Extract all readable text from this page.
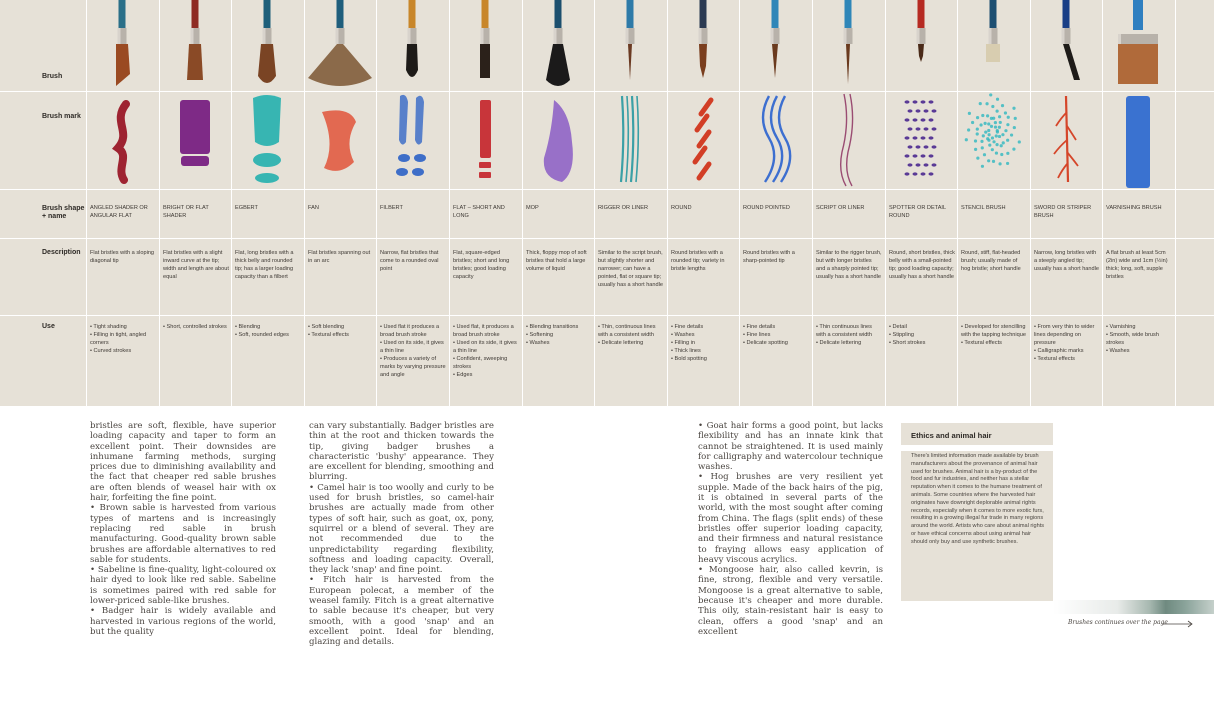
Brush
Brush mark
Brush shape + name
Description
Use
ANGLED SHADER OR ANGULAR FLAT
Flat bristles with a sloping diagonal tip
• Tight shading
• Filling in tight, angled corners
• Curved strokes
BRIGHT OR FLAT SHADER
Flat bristles with a slight inward curve at the tip; width and length are about equal
• Short, controlled strokes
EGBERT
Flat, long bristles with a thick belly and rounded tip; has a larger loading capacity than a filbert
• Blending
• Soft, rounded edges
FAN
Flat bristles spanning out in an arc
• Soft blending
• Textural effects
FILBERT
Narrow, flat bristles that come to a rounded oval point
• Used flat it produces a broad brush stroke
• Used on its side, it gives a thin line
• Produces a variety of marks by varying pressure and angle
FLAT – SHORT AND LONG
Flat, square-edged bristles; short and long bristles; good loading capacity
• Used flat, it produces a broad brush stroke
• Used on its side, it gives a thin line
• Confident, sweeping strokes
• Edges
MOP
Thick, floppy mop of soft bristles that hold a large volume of liquid
• Blending transitions
• Softening
• Washes
RIGGER OR LINER
Similar to the script brush, but slightly shorter and narrower; can have a pointed, flat or square tip; usually has a short handle
• Thin, continuous lines with a consistent width
• Delicate lettering
ROUND
Round bristles with a rounded tip; variety in bristle lengths
• Fine details
• Washes
• Filling in
• Thick lines
• Bold spotting
ROUND POINTED
Round bristles with a sharp-pointed tip
• Fine details
• Fine lines
• Delicate spotting
SCRIPT OR LINER
Similar to the rigger brush, but with longer bristles and a sharply pointed tip; usually has a short handle
• Thin continuous lines with a consistent width
• Delicate lettering
SPOTTER OR DETAIL ROUND
Round, short bristles, thick belly with a small-pointed tip; good loading capacity; usually has a short handle
• Detail
• Stippling
• Short strokes
STENCIL BRUSH
Round, stiff, flat-headed brush; usually made of hog bristle; short handle
• Developed for stencilling with the tapping technique
• Textural effects
SWORD OR STRIPER BRUSH
Narrow, long bristles with a steeply angled tip; usually has a short handle
• From very thin to wider lines depending on pressure
• Calligraphic marks
• Textural effects
VARNISHING BRUSH
A flat brush at least 5cm (2in) wide and 1cm (½in) thick; long, soft, supple bristles
• Varnishing
• Smooth, wide brush strokes
• Washes

bristles are soft, flexible, have superior loading capacity and taper to form an excellent point. Their downsides are inhumane farming methods, surging prices due to diminishing availability and the fact that cheaper red sable brushes are often blends of weasel hair with ox hair, forfeiting the fine point.

• Brown sable is harvested from various types of martens and is increasingly replacing red sable in brush manufacturing. Good-quality brown sable brushes are affordable alternatives to red sable for students.

• Sabeline is fine-quality, light-coloured ox hair dyed to look like red sable. Sabeline is sometimes paired with red sable for lower-priced sable-like brushes.

• Badger hair is widely available and harvested in various regions of the world, but the quality

can vary substantially. Badger bristles are thin at the root and thicken towards the tip, giving badger brushes a characteristic 'bushy' appearance. They are excellent for blending, smoothing and blurring.

• Camel hair is too woolly and curly to be used for brush bristles, so camel-hair brushes are actually made from other types of soft hair, such as goat, ox, pony, squirrel or a blend of several. They are not recommended due to the unpredictability regarding flexibility, softness and loading capacity. Overall, they lack 'snap' and fine point.

• Fitch hair is harvested from the European polecat, a member of the weasel family. Fitch is a great alternative to sable because it's cheaper, but very smooth, with a good 'snap' and an excellent point. Ideal for blending, glazing and details.

• Goat hair forms a good point, but lacks flexibility and has an innate kink that cannot be straightened. It is used mainly for calligraphy and watercolour technique washes.

• Hog brushes are very resilient yet supple. Made of the back hairs of the pig, it is obtained in several parts of the world, with the most sought after coming from China. The flags (split ends) of these bristles offer superior loading capacity, and their firmness and natural resistance to fraying allows easy application of heavy viscous acrylics.

• Mongoose hair, also called kevrin, is fine, strong, flexible and very versatile. Mongoose is a great alternative to sable, because it's cheaper and more durable. This oily, stain-resistant hair is easy to clean, offers a good 'snap' and an excellent

Ethics and animal hair
There's limited information made available by brush manufacturers about the provenance of animal hair used for brushes. Animal hair is a by-product of the food and fur industries, and neither has a stellar reputation when it comes to the humane treatment of animals. Some countries where the harvested hair originates have downright deplorable animal rights records, especially when it comes to more exotic furs, resulting in a growing illegal fur trade in many regions around the world. Artists who care about animal rights or have ethical concerns about using animal hair should only buy and use synthetic brushes.
Brushes continues over the page
